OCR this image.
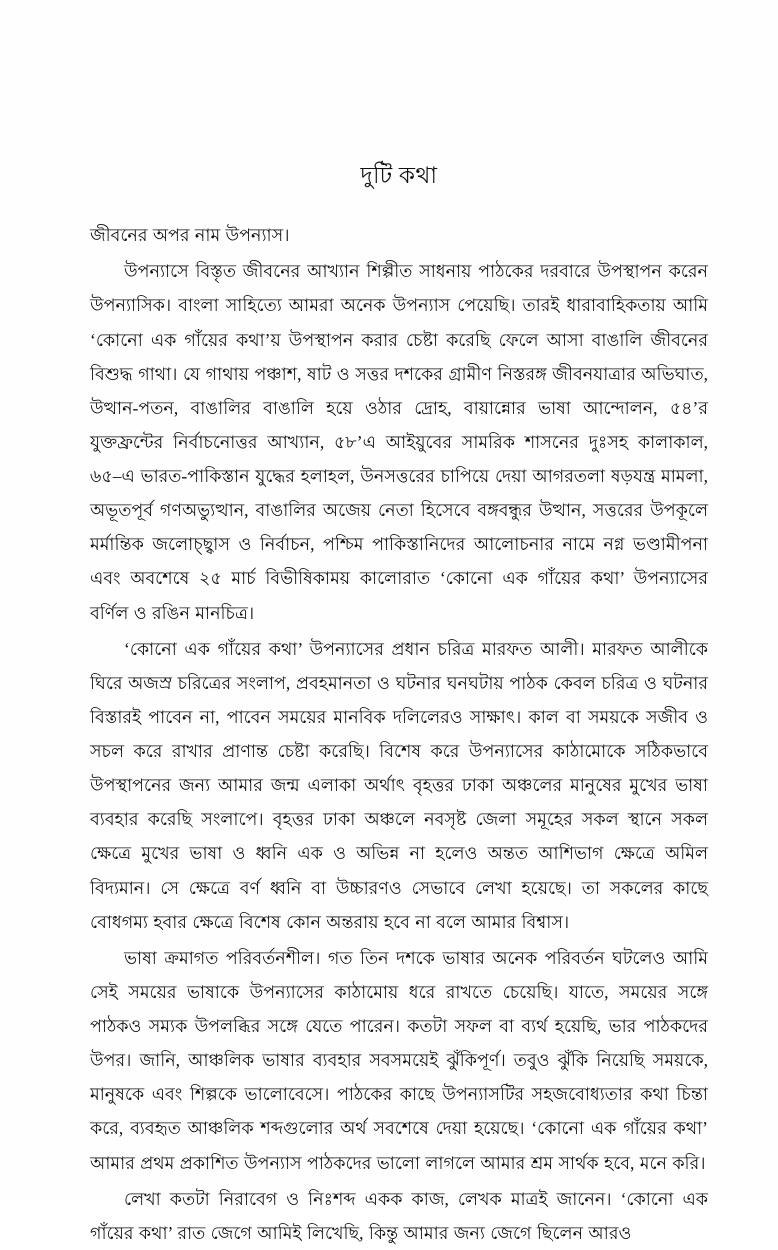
দুটি কথা

জীবনের অপর নাম উপন্যাস।

উপন্যাসে বিস্তৃত জীবনের আখ্যান শিল্পীত সাধনায় পাঠকের দরবারে উপস্থাপন করেন উপন্যাসিক। বাংলা সাহিত্যে আমরা অনেক উপন্যাস পেয়েছি। তারই ধারাবাহিকতায় আমি ‘কোনো এক গাঁয়ের কথা’য় উপস্থাপন করার চেষ্টা করেছি ফেলে আসা বাঙালি জীবনের বিশুদ্ধ গাথা। যে গাথায় পঞ্চাশ, ষাট ও সত্তর দশকের গ্রামীণ নিস্তরঙ্গ জীবনযাত্রার অভিঘাত, উত্থান-পতন, বাঙালির বাঙালি হয়ে ওঠার দ্রোহ, বায়ান্নোর ভাষা আন্দোলন, ৫৪’র যুক্তফ্রন্টের নির্বাচনোত্তর আখ্যান, ৫৮’এ আইয়ুবের সামরিক শাসনের দুঃসহ কালাকাল, ৬৫–এ ভারত-পাকিস্তান যুদ্ধের হলাহল, উনসত্তরের চাপিয়ে দেয়া আগরতলা ষড়যন্ত্র মামলা, অভূতপূর্ব গণঅভ্যুত্থান, বাঙালির অজেয় নেতা হিসেবে বঙ্গবন্ধুর উত্থান, সত্তরের উপকূলে মর্মান্তিক জলোচ্ছ্বাস ও নির্বাচন, পশ্চিম পাকিস্তানিদের আলোচনার নামে নগ্ন ভণ্ডামীপনা এবং অবশেষে ২৫ মার্চ বিভীষিকাময় কালোরাত ‘কোনো এক গাঁয়ের কথা’ উপন্যাসের বর্ণিল ও রঙিন মানচিত্র।

‘কোনো এক গাঁয়ের কথা’ উপন্যাসের প্রধান চরিত্র মারফত আলী। মারফত আলীকে ঘিরে অজস্র চরিত্রের সংলাপ, প্রবহমানতা ও ঘটনার ঘনঘটায় পাঠক কেবল চরিত্র ও ঘটনার বিস্তারই পাবেন না, পাবেন সময়ের মানবিক দলিলেরও সাক্ষাৎ। কাল বা সময়কে সজীব ও সচল করে রাখার প্রাণান্ত চেষ্টা করেছি। বিশেষ করে উপন্যাসের কাঠামোকে সঠিকভাবে উপস্থাপনের জন্য আমার জন্ম এলাকা অর্থাৎ বৃহত্তর ঢাকা অঞ্চলের মানুষের মুখের ভাষা ব্যবহার করেছি সংলাপে। বৃহত্তর ঢাকা অঞ্চলে নবসৃষ্ট জেলা সমূহের সকল স্থানে সকল ক্ষেত্রে মুখের ভাষা ও ধ্বনি এক ও অভিন্ন না হলেও অন্তত আশিভাগ ক্ষেত্রে অমিল বিদ্যমান। সে ক্ষেত্রে বর্ণ ধ্বনি বা উচ্চারণও সেভাবে লেখা হয়েছে। তা সকলের কাছে বোধগম্য হবার ক্ষেত্রে বিশেষ কোন অন্তরায় হবে না বলে আমার বিশ্বাস।

ভাষা ক্রমাগত পরিবর্তনশীল। গত তিন দশকে ভাষার অনেক পরিবর্তন ঘটলেও আমি সেই সময়ের ভাষাকে উপন্যাসের কাঠামোয় ধরে রাখতে চেয়েছি। যাতে, সময়ের সঙ্গে পাঠকও সম্যক উপলব্ধির সঙ্গে যেতে পারেন। কতটা সফল বা ব্যর্থ হয়েছি, ভার পাঠকদের উপর। জানি, আঞ্চলিক ভাষার ব্যবহার সবসময়েই ঝুঁকিপূর্ণ। তবুও ঝুঁকি নিয়েছি সময়কে, মানুষকে এবং শিল্পকে ভালোবেসে। পাঠকের কাছে উপন্যাসটির সহজবোধ্যতার কথা চিন্তা করে, ব্যবহৃত আঞ্চলিক শব্দগুলোর অর্থ সবশেষে দেয়া হয়েছে। ‘কোনো এক গাঁয়ের কথা’ আমার প্রথম প্রকাশিত উপন্যাস পাঠকদের ভালো লাগলে আমার শ্রম সার্থক হবে, মনে করি।

লেখা কতটা নিরাবেগ ও নিঃশব্দ একক কাজ, লেখক মাত্রই জানেন। ‘কোনো এক গাঁয়ের কথা’ রাত জেগে আমিই লিখেছি, কিন্তু আমার জন্য জেগে ছিলেন আরও
